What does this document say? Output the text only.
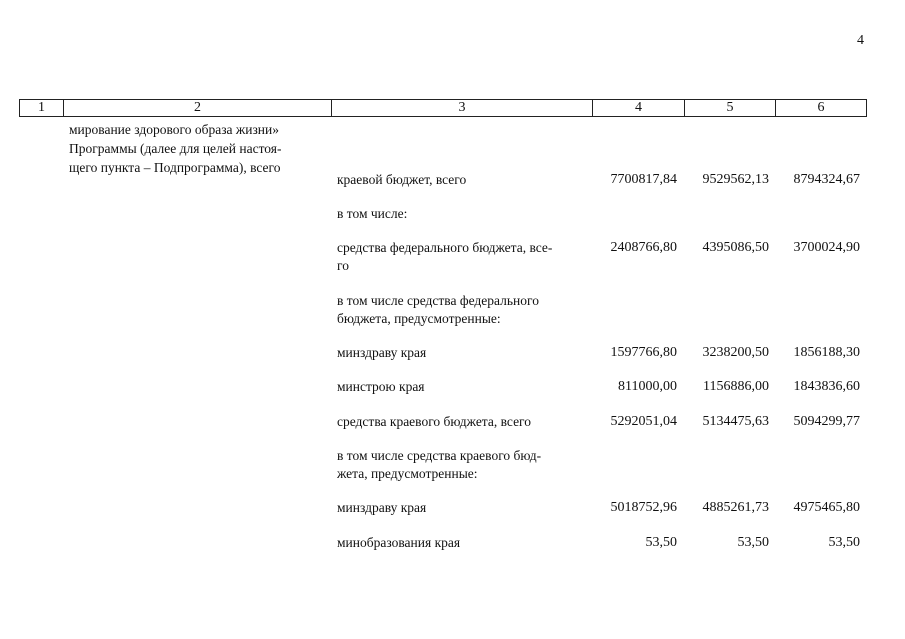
4
1	2	3	4	5	6
мирование здорового образа жизни»
Программы (далее для целей настоя-
щего пункта – Подпрограмма), всего
краевой бюджет, всего	7700817,84	9529562,13	8794324,67
в том числе:
средства федерального бюджета, все-
го
2408766,80	4395086,50	3700024,90
в том числе средства федерального
бюджета, предусмотренные:
минздраву края	1597766,80	3238200,50	1856188,30
минстрою края	811000,00	1156886,00	1843836,60
средства краевого бюджета, всего	5292051,04	5134475,63	5094299,77
в том числе средства краевого бюд-
жета, предусмотренные:
минздраву края	5018752,96	4885261,73	4975465,80
минобразования края	53,50	53,50	53,50
